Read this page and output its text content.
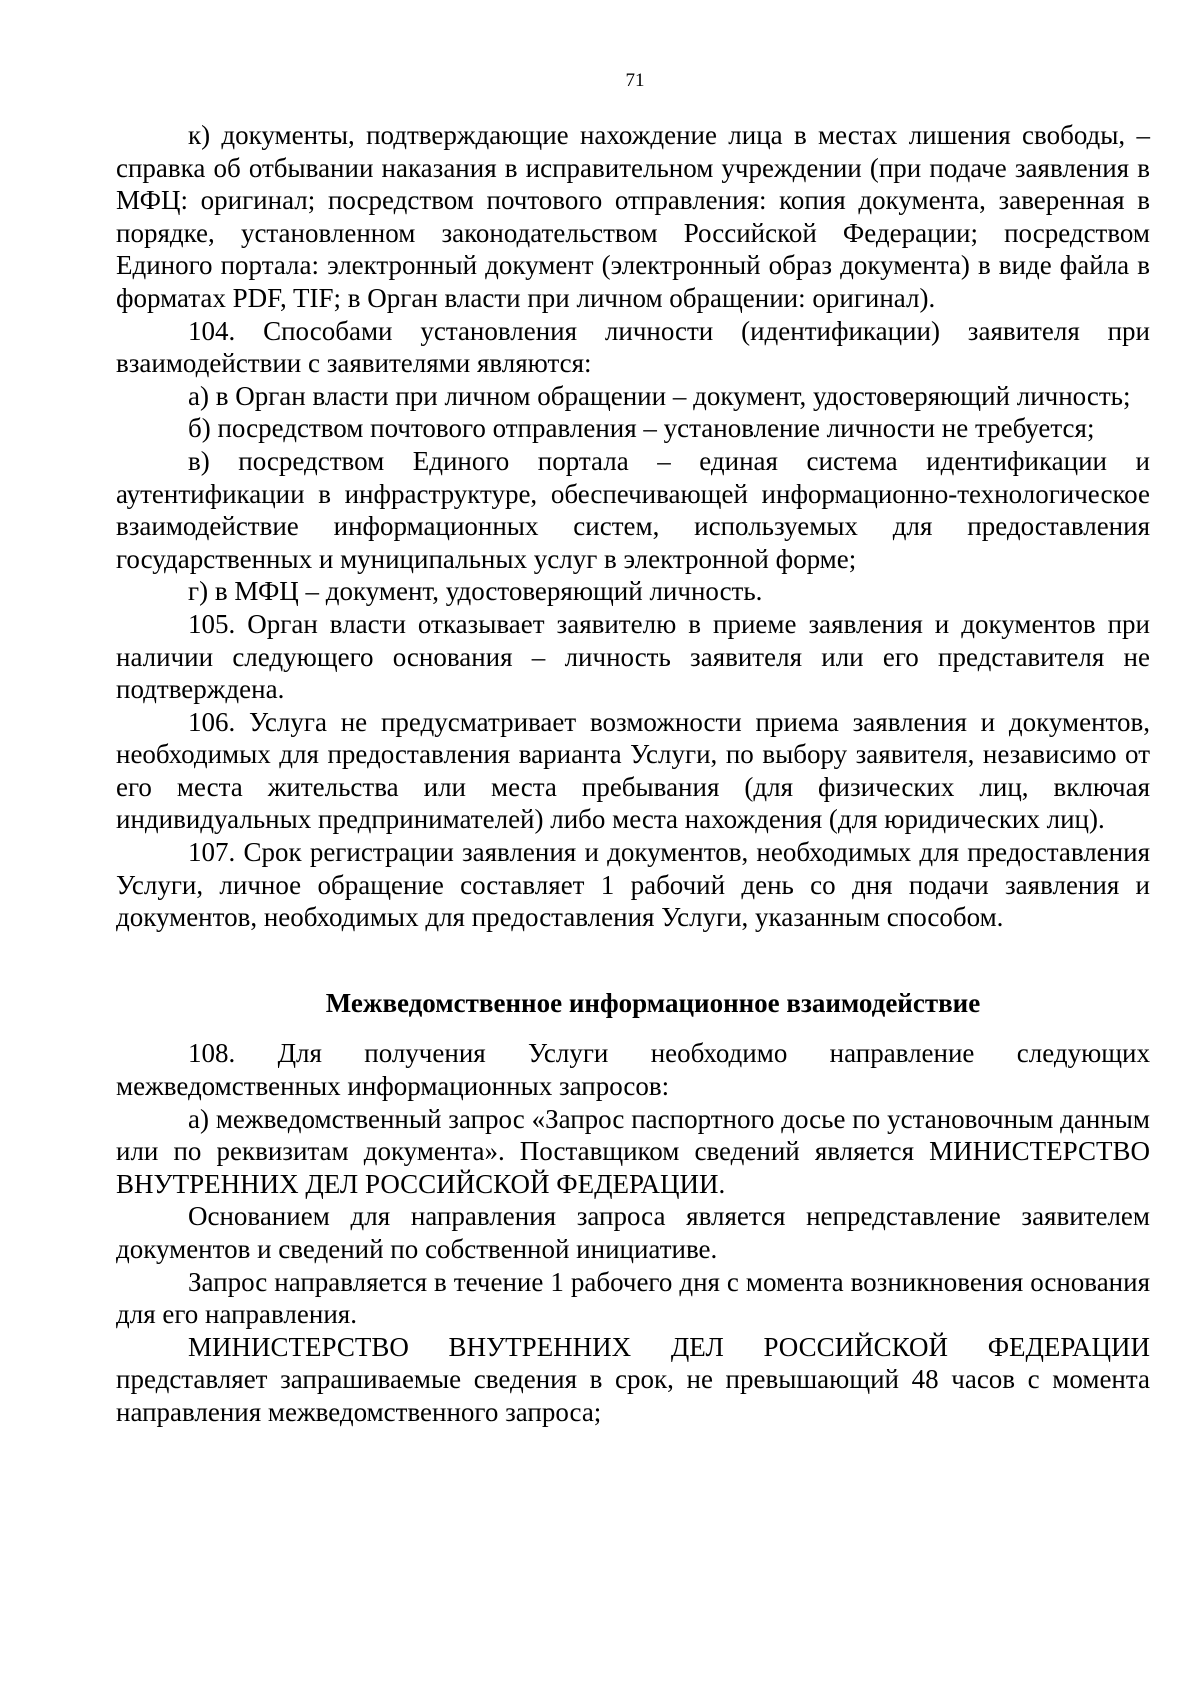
71

к) документы, подтверждающие нахождение лица в местах лишения свободы, – справка об отбывании наказания в исправительном учреждении (при подаче заявления в МФЦ: оригинал; посредством почтового отправления: копия документа, заверенная в порядке, установленном законодательством Российской Федерации; посредством Единого портала: электронный документ (электронный образ документа) в виде файла в форматах PDF, TIF; в Орган власти при личном обращении: оригинал).

104. Способами установления личности (идентификации) заявителя при взаимодействии с заявителями являются:

а) в Орган власти при личном обращении – документ, удостоверяющий личность;

б) посредством почтового отправления – установление личности не требуется;

в) посредством Единого портала – единая система идентификации и аутентификации в инфраструктуре, обеспечивающей информационно-технологическое взаимодействие информационных систем, используемых для предоставления государственных и муниципальных услуг в электронной форме;

г) в МФЦ – документ, удостоверяющий личность.

105. Орган власти отказывает заявителю в приеме заявления и документов при наличии следующего основания – личность заявителя или его представителя не подтверждена.

106. Услуга не предусматривает возможности приема заявления и документов, необходимых для предоставления варианта Услуги, по выбору заявителя, независимо от его места жительства или места пребывания (для физических лиц, включая индивидуальных предпринимателей) либо места нахождения (для юридических лиц).

107. Срок регистрации заявления и документов, необходимых для предоставления Услуги, личное обращение составляет 1 рабочий день со дня подачи заявления и документов, необходимых для предоставления Услуги, указанным способом.

Межведомственное информационное взаимодействие

108. Для получения Услуги необходимо направление следующих межведомственных информационных запросов:

а) межведомственный запрос «Запрос паспортного досье по установочным данным или по реквизитам документа». Поставщиком сведений является МИНИСТЕРСТВО ВНУТРЕННИХ ДЕЛ РОССИЙСКОЙ ФЕДЕРАЦИИ.

Основанием для направления запроса является непредставление заявителем документов и сведений по собственной инициативе.

Запрос направляется в течение 1 рабочего дня с момента возникновения основания для его направления.

МИНИСТЕРСТВО ВНУТРЕННИХ ДЕЛ РОССИЙСКОЙ ФЕДЕРАЦИИ представляет запрашиваемые сведения в срок, не превышающий 48 часов с момента направления межведомственного запроса;
